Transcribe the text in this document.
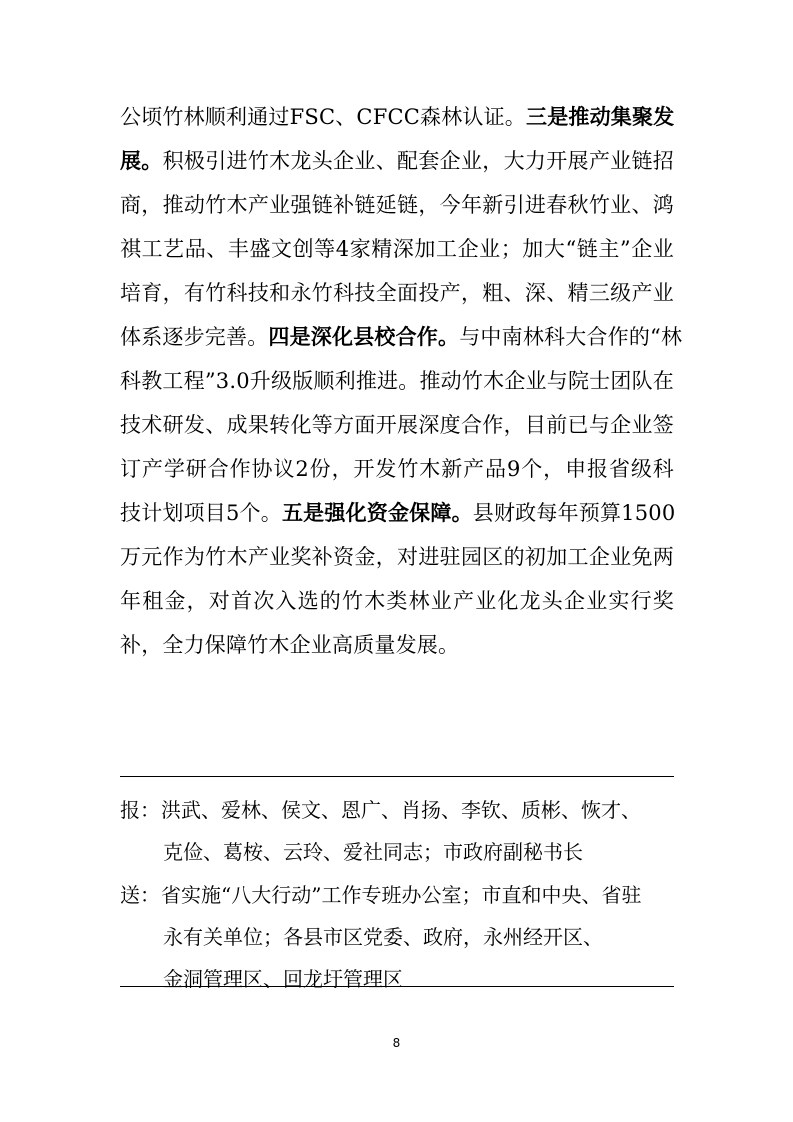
公顷竹林顺利通过FSC、CFCC森林认证。三是推动集聚发
展。积极引进竹木龙头企业、配套企业，大力开展产业链招
商，推动竹木产业强链补链延链，今年新引进春秋竹业、鸿
祺工艺品、丰盛文创等4家精深加工企业；加大“链主”企业
培育，有竹科技和永竹科技全面投产，粗、深、精三级产业
体系逐步完善。四是深化县校合作。与中南林科大合作的“林
科教工程”3.0升级版顺利推进。推动竹木企业与院士团队在
技术研发、成果转化等方面开展深度合作，目前已与企业签
订产学研合作协议2份，开发竹木新产品9个，申报省级科
技计划项目5个。五是强化资金保障。县财政每年预算1500
万元作为竹木产业奖补资金，对进驻园区的初加工企业免两
年租金，对首次入选的竹木类林业产业化龙头企业实行奖
补，全力保障竹木企业高质量发展。
报： 洪武、爱林、侯文、恩广、肖扬、李钦、质彬、恢才、
克俭、葛桉、云玲、爱社同志；市政府副秘书长
送： 省实施“八大行动”工作专班办公室；市直和中央、省驻
永有关单位；各县市区党委、政府，永州经开区、
金洞管理区、回龙圩管理区
8
